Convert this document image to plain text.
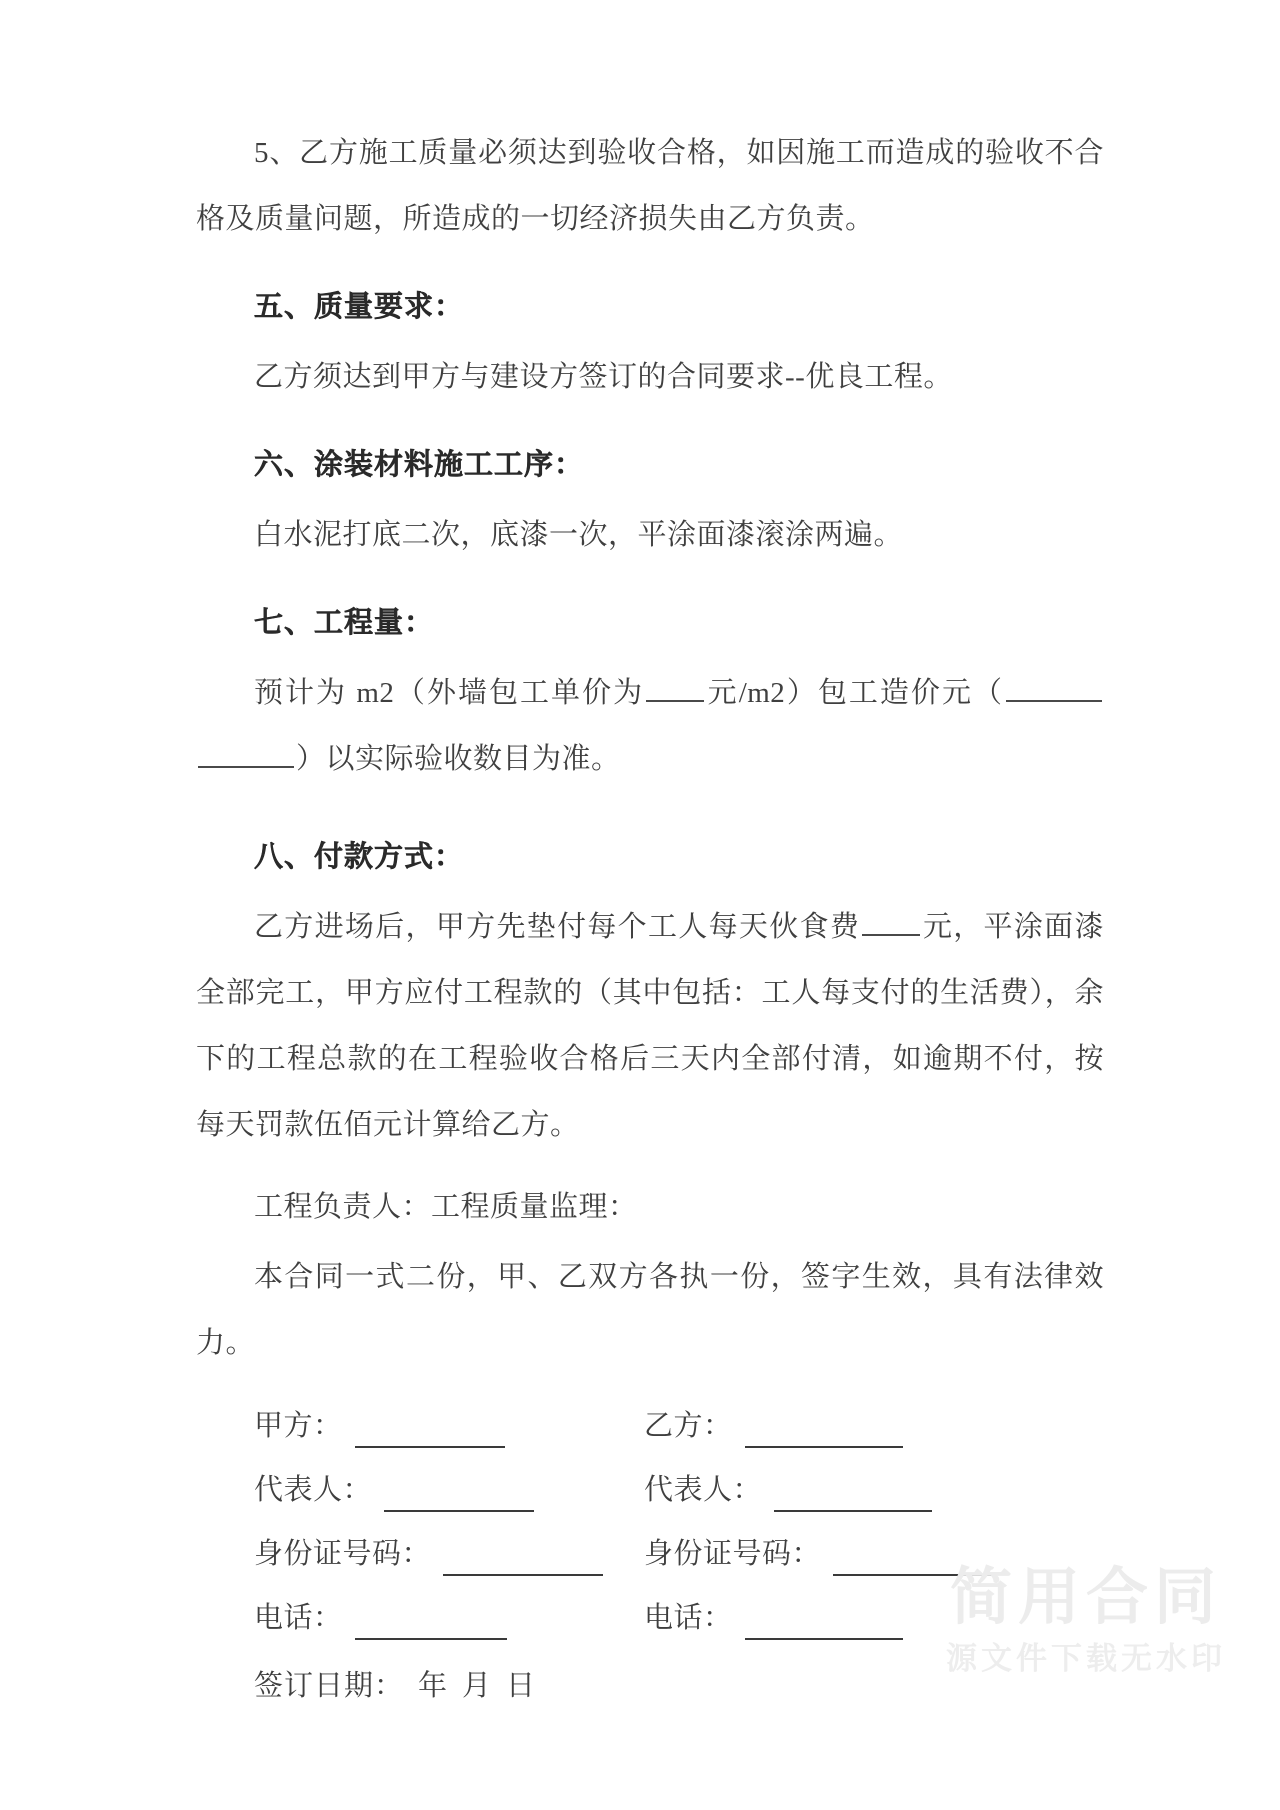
5、乙方施工质量必须达到验收合格，如因施工而造成的验收不合格及质量问题，所造成的一切经济损失由乙方负责。

五、质量要求：

乙方须达到甲方与建设方签订的合同要求--优良工程。

六、涂装材料施工工序：

白水泥打底二次，底漆一次，平涂面漆滚涂两遍。

七、工程量：

预计为 m2（外墙包工单价为 元/m2）包工造价元（）以实际验收数目为准。

八、付款方式：

乙方进场后，甲方先垫付每个工人每天伙食费 元，平涂面漆全部完工，甲方应付工程款的（其中包括：工人每支付的生活费），余下的工程总款的在工程验收合格后三天内全部付清，如逾期不付，按每天罚款伍佰元计算给乙方。

工程负责人：工程质量监理：

本合同一式二份，甲、乙双方各执一份，签字生效，具有法律效力。

甲方：	乙方：
代表人：	代表人：
身份证号码：	身份证号码：
电话：	电话：
签订日期： 年 月 日
简用合同
源文件下载无水印
